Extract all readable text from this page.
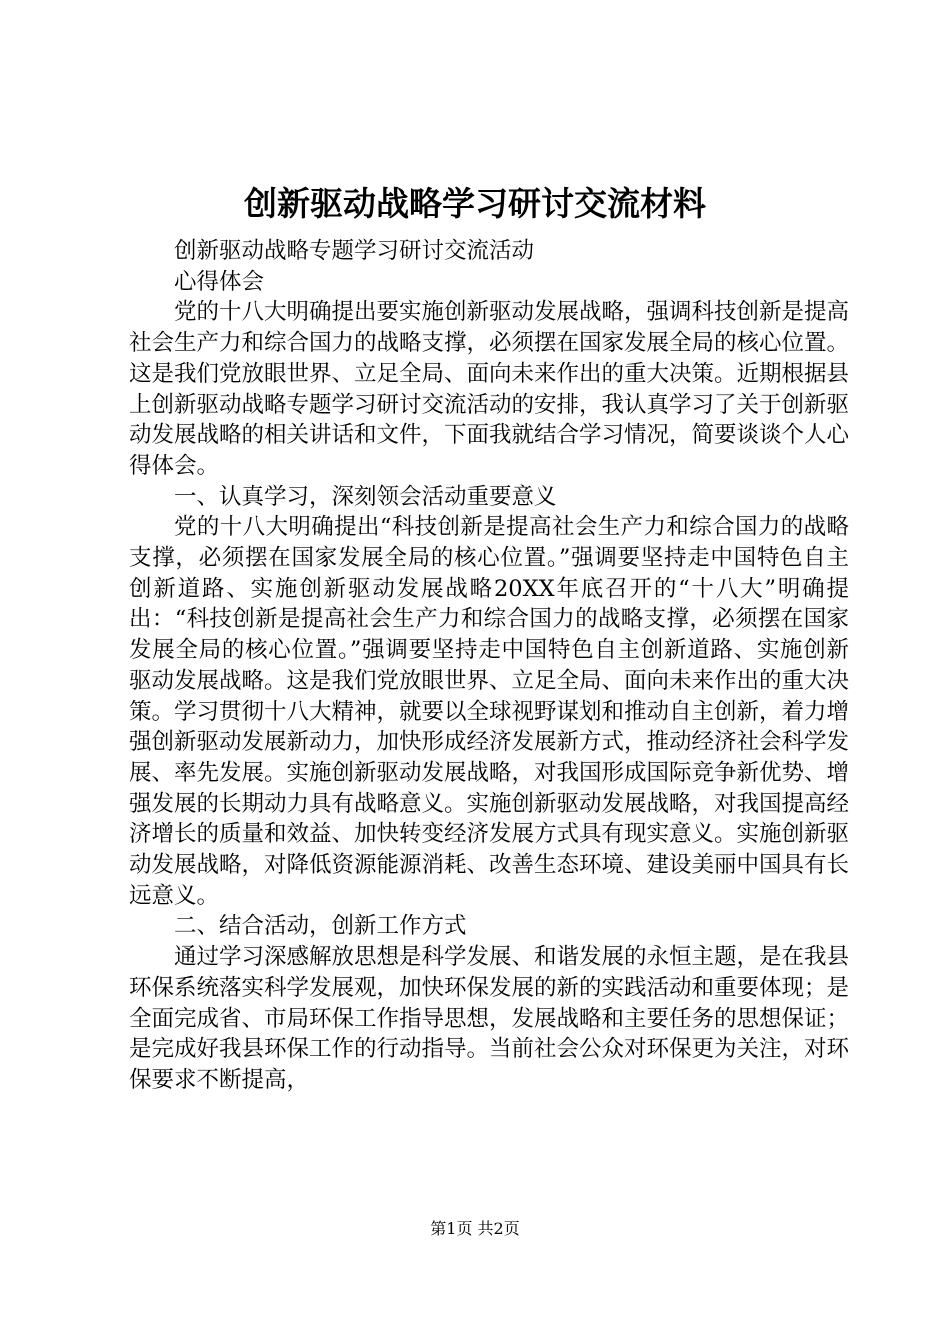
创新驱动战略学习研讨交流材料

创新驱动战略专题学习研讨交流活动

心得体会

党的十八大明确提出要实施创新驱动发展战略，强调科技创新是提高社会生产力和综合国力的战略支撑，必须摆在国家发展全局的核心位置。这是我们党放眼世界、立足全局、面向未来作出的重大决策。近期根据县上创新驱动战略专题学习研讨交流活动的安排，我认真学习了关于创新驱动发展战略的相关讲话和文件，下面我就结合学习情况，简要谈谈个人心得体会。

一、认真学习，深刻领会活动重要意义

党的十八大明确提出“科技创新是提高社会生产力和综合国力的战略支撑，必须摆在国家发展全局的核心位置。”强调要坚持走中国特色自主创新道路、实施创新驱动发展战略20XX年底召开的“十八大”明确提出：“科技创新是提高社会生产力和综合国力的战略支撑，必须摆在国家发展全局的核心位置。”强调要坚持走中国特色自主创新道路、实施创新驱动发展战略。这是我们党放眼世界、立足全局、面向未来作出的重大决策。学习贯彻十八大精神，就要以全球视野谋划和推动自主创新，着力增强创新驱动发展新动力，加快形成经济发展新方式，推动经济社会科学发展、率先发展。实施创新驱动发展战略，对我国形成国际竞争新优势、增强发展的长期动力具有战略意义。实施创新驱动发展战略，对我国提高经济增长的质量和效益、加快转变经济发展方式具有现实意义。实施创新驱动发展战略，对降低资源能源消耗、改善生态环境、建设美丽中国具有长远意义。

二、结合活动，创新工作方式

通过学习深感解放思想是科学发展、和谐发展的永恒主题，是在我县环保系统落实科学发展观，加快环保发展的新的实践活动和重要体现；是全面完成省、市局环保工作指导思想，发展战略和主要任务的思想保证；是完成好我县环保工作的行动指导。当前社会公众对环保更为关注，对环保要求不断提高，

第1页 共2页
